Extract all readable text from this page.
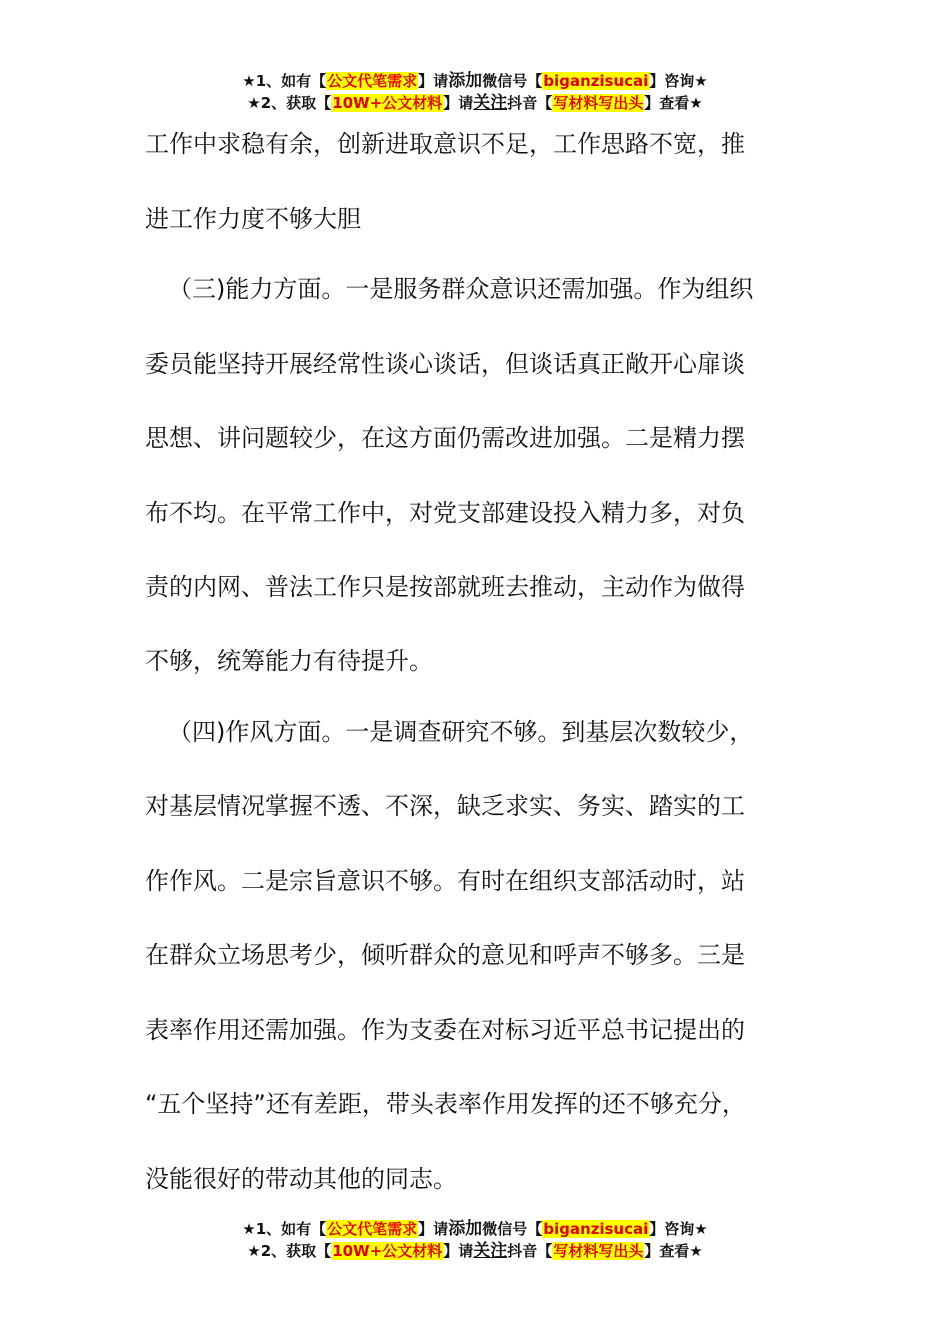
★1、如有【公文代笔需求】请添加微信号【biganzisucai】咨询★
★2、获取【10W+公文材料】请关注抖音【写材料写出头】查看★
工作中求稳有余，创新进取意识不足，工作思路不宽，推
进工作力度不够大胆
（三)能力方面。一是服务群众意识还需加强。作为组织
委员能坚持开展经常性谈心谈话，但谈话真正敞开心扉谈
思想、讲问题较少，在这方面仍需改进加强。二是精力摆
布不均。在平常工作中，对党支部建设投入精力多，对负
责的内网、普法工作只是按部就班去推动，主动作为做得
不够，统筹能力有待提升。
（四)作风方面。一是调查研究不够。到基层次数较少，
对基层情况掌握不透、不深，缺乏求实、务实、踏实的工
作作风。二是宗旨意识不够。有时在组织支部活动时，站
在群众立场思考少，倾听群众的意见和呼声不够多。三是
表率作用还需加强。作为支委在对标习近平总书记提出的
“五个坚持”还有差距，带头表率作用发挥的还不够充分，
没能很好的带动其他的同志。
★1、如有【公文代笔需求】请添加微信号【biganzisucai】咨询★
★2、获取【10W+公文材料】请关注抖音【写材料写出头】查看★
